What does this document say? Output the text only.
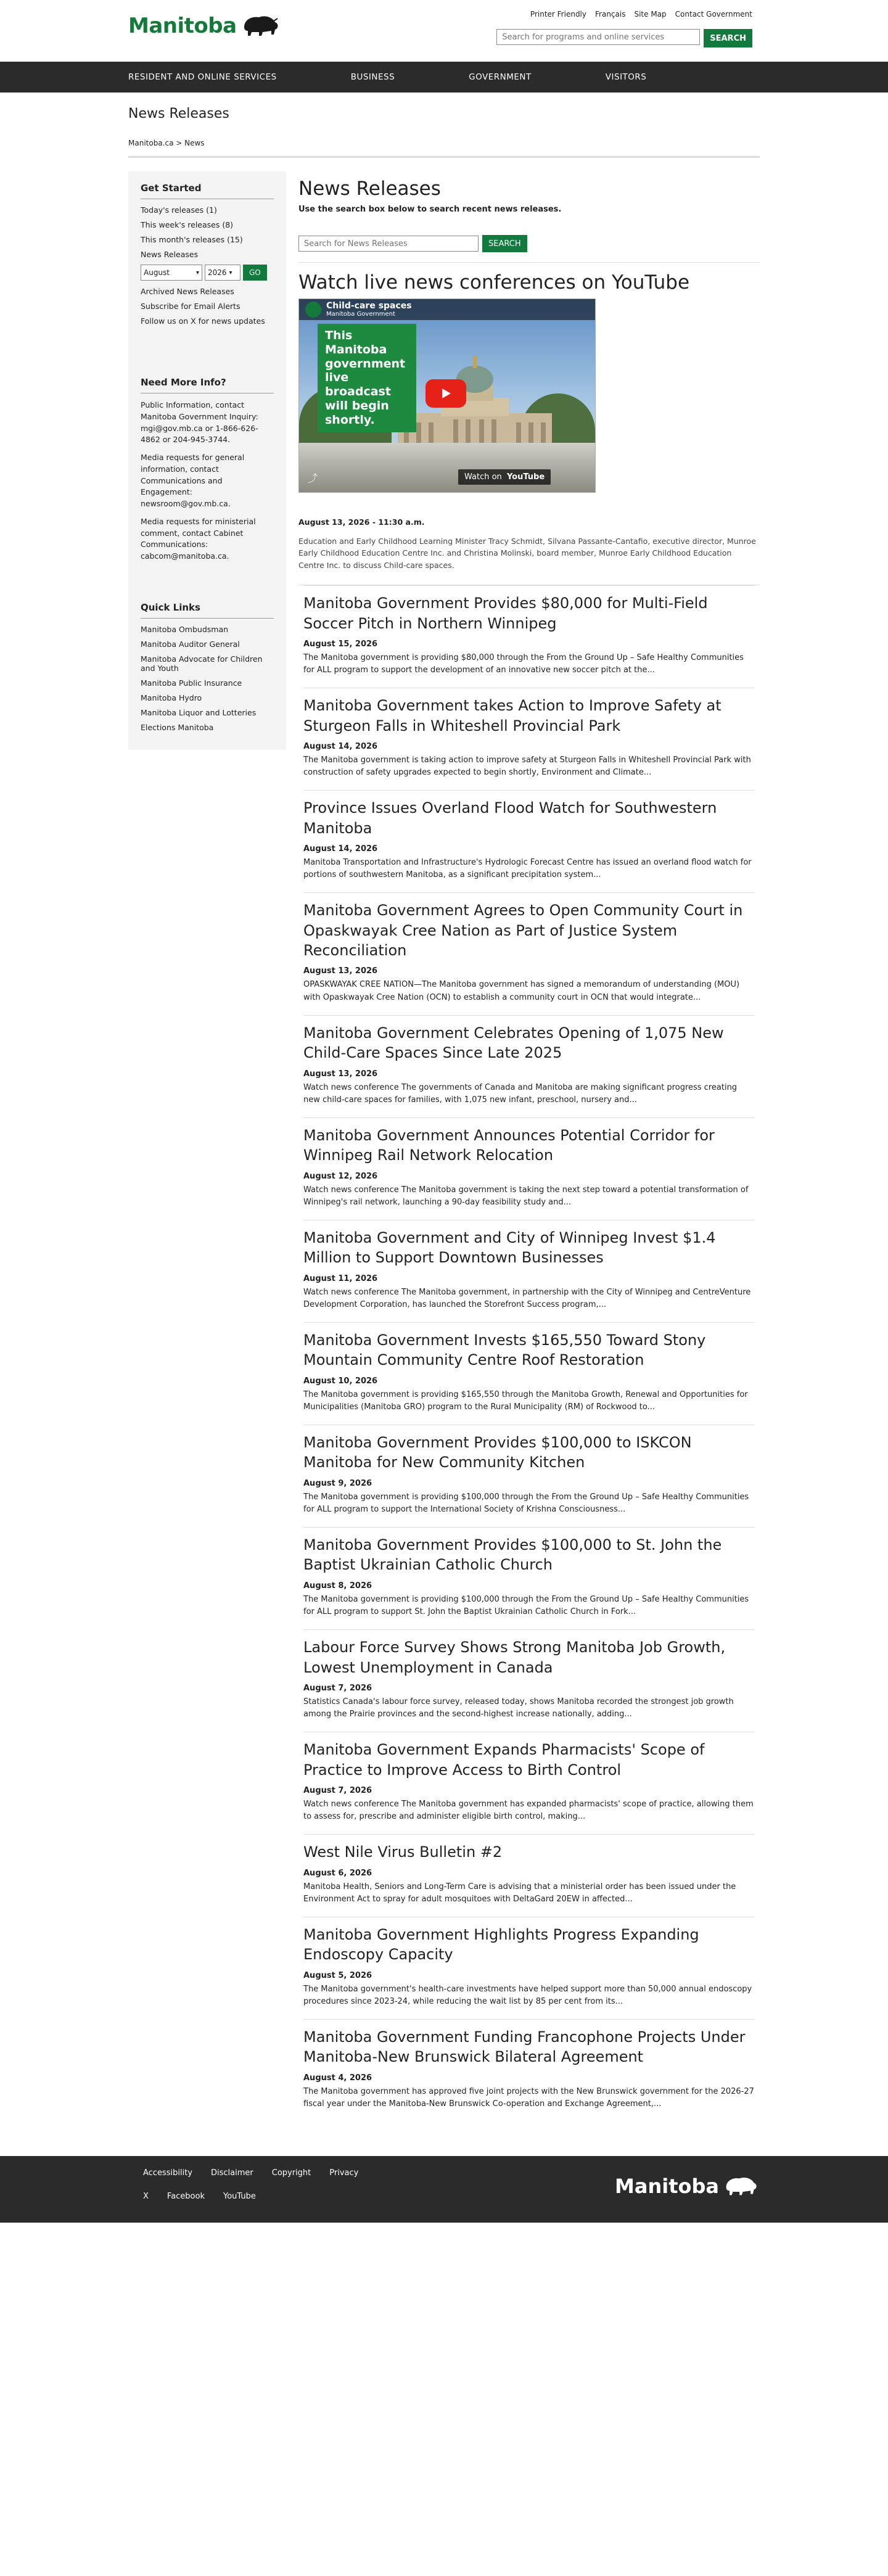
Manitoba	Printer Friendly Français Site Map Contact Government
Search for programs and online services
SEARCH
RESIDENT AND ONLINE SERVICES	BUSINESS	GOVERNMENT	VISITORS
News Releases
Manitoba.ca > News
Get Started
Today's releases (1)
This week's releases (8)
This month's releases (15)
News Releases
August	▾ 2026 ▾	GO
Archived News Releases
Subscribe for Email Alerts
Follow us on X for news updates
Need More Info?
Public Information, contact Manitoba Government Inquiry: mgi@gov.mb.ca or 1-866-626-4862 or 204-945-3744.
Media requests for general information, contact Communications and Engagement: newsroom@gov.mb.ca.
Media requests for ministerial comment, contact Cabinet Communications: cabcom@manitoba.ca.
Quick Links
Manitoba Ombudsman
Manitoba Auditor General
Manitoba Advocate for Children and Youth
Manitoba Public Insurance
Manitoba Hydro
Manitoba Liquor and Lotteries
Elections Manitoba
News Releases
Use the search box below to search recent news releases.
Search for News Releases
SEARCH
Watch live news conferences on YouTube
Child-care spaces
Manitoba Government
This Manitoba government live broadcast will begin shortly.
⤴	Watch on YouTube
August 13, 2026 - 11:30 a.m.
Education and Early Childhood Learning Minister Tracy Schmidt, Silvana Passante-Cantafio, executive director, Munroe Early Childhood Education Centre Inc. and Christina Molinski, board member, Munroe Early Childhood Education Centre Inc. to discuss Child-care spaces.
Manitoba Government Provides $80,000 for Multi-Field Soccer Pitch in Northern Winnipeg
August 15, 2026
The Manitoba government is providing $80,000 through the From the Ground Up – Safe Healthy Communities for ALL program to support the development of an innovative new soccer pitch at the...
Manitoba Government takes Action to Improve Safety at Sturgeon Falls in Whiteshell Provincial Park
August 14, 2026
The Manitoba government is taking action to improve safety at Sturgeon Falls in Whiteshell Provincial Park with construction of safety upgrades expected to begin shortly, Environment and Climate...
Province Issues Overland Flood Watch for Southwestern Manitoba
August 14, 2026
Manitoba Transportation and Infrastructure's Hydrologic Forecast Centre has issued an overland flood watch for portions of southwestern Manitoba, as a significant precipitation system...
Manitoba Government Agrees to Open Community Court in Opaskwayak Cree Nation as Part of Justice System Reconciliation
August 13, 2026
OPASKWAYAK CREE NATION—The Manitoba government has signed a memorandum of understanding (MOU) with Opaskwayak Cree Nation (OCN) to establish a community court in OCN that would integrate...
Manitoba Government Celebrates Opening of 1,075 New Child-Care Spaces Since Late 2025
August 13, 2026
Watch news conference The governments of Canada and Manitoba are making significant progress creating new child-care spaces for families, with 1,075 new infant, preschool, nursery and...
Manitoba Government Announces Potential Corridor for Winnipeg Rail Network Relocation
August 12, 2026
Watch news conference The Manitoba government is taking the next step toward a potential transformation of Winnipeg's rail network, launching a 90-day feasibility study and...
Manitoba Government and City of Winnipeg Invest $1.4 Million to Support Downtown Businesses
August 11, 2026
Watch news conference The Manitoba government, in partnership with the City of Winnipeg and CentreVenture Development Corporation, has launched the Storefront Success program,...
Manitoba Government Invests $165,550 Toward Stony Mountain Community Centre Roof Restoration
August 10, 2026
The Manitoba government is providing $165,550 through the Manitoba Growth, Renewal and Opportunities for Municipalities (Manitoba GRO) program to the Rural Municipality (RM) of Rockwood to...
Manitoba Government Provides $100,000 to ISKCON Manitoba for New Community Kitchen
August 9, 2026
The Manitoba government is providing $100,000 through the From the Ground Up – Safe Healthy Communities for ALL program to support the International Society of Krishna Consciousness...
Manitoba Government Provides $100,000 to St. John the Baptist Ukrainian Catholic Church
August 8, 2026
The Manitoba government is providing $100,000 through the From the Ground Up – Safe Healthy Communities for ALL program to support St. John the Baptist Ukrainian Catholic Church in Fork...
Labour Force Survey Shows Strong Manitoba Job Growth, Lowest Unemployment in Canada
August 7, 2026
Statistics Canada's labour force survey, released today, shows Manitoba recorded the strongest job growth among the Prairie provinces and the second-highest increase nationally, adding...
Manitoba Government Expands Pharmacists' Scope of Practice to Improve Access to Birth Control
August 7, 2026
Watch news conference The Manitoba government has expanded pharmacists' scope of practice, allowing them to assess for, prescribe and administer eligible birth control, making...
West Nile Virus Bulletin #2
August 6, 2026
Manitoba Health, Seniors and Long-Term Care is advising that a ministerial order has been issued under the Environment Act to spray for adult mosquitoes with DeltaGard 20EW in affected...
Manitoba Government Highlights Progress Expanding Endoscopy Capacity
August 5, 2026
The Manitoba government's health-care investments have helped support more than 50,000 annual endoscopy procedures since 2023-24, while reducing the wait list by 85 per cent from its...
Manitoba Government Funding Francophone Projects Under Manitoba-New Brunswick Bilateral Agreement
August 4, 2026
The Manitoba government has approved five joint projects with the New Brunswick government for the 2026-27 fiscal year under the Manitoba-New Brunswick Co-operation and Exchange Agreement,...
Accessibility Disclaimer Copyright Privacy
X Facebook YouTube	Manitoba
